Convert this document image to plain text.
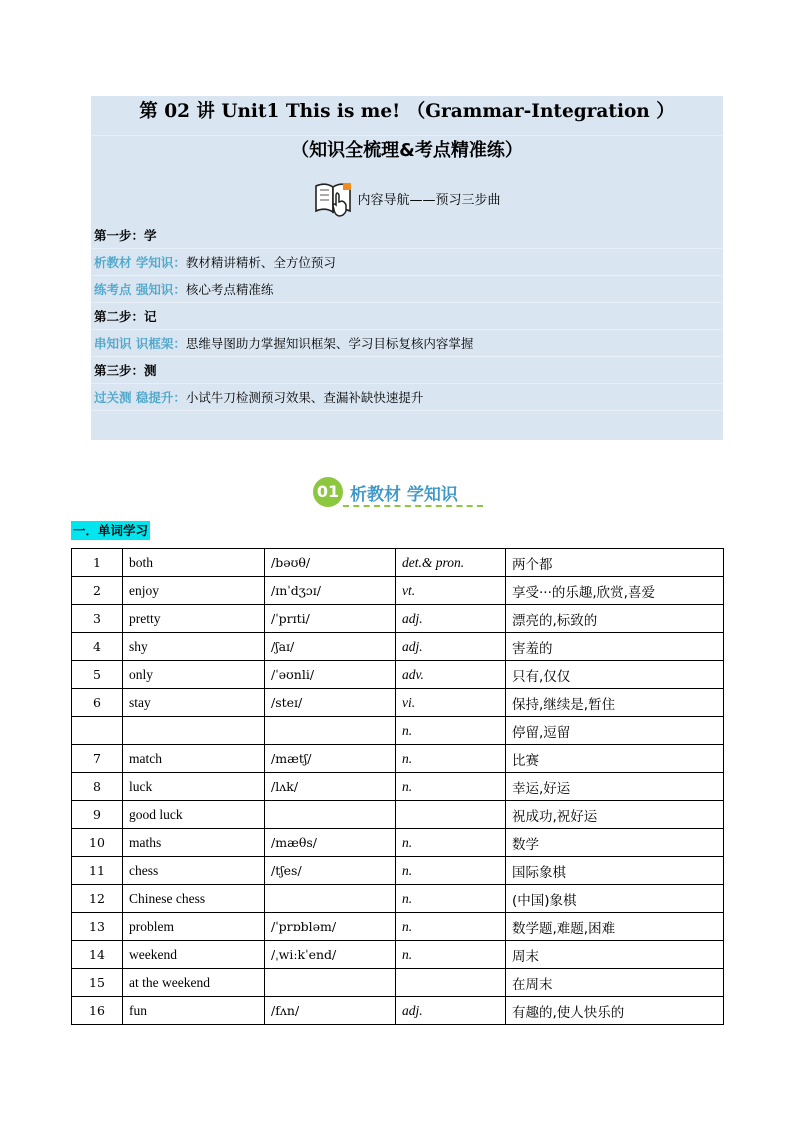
第 02 讲 Unit1 This is me! （Grammar-Integration ）
（知识全梳理&考点精准练）
内容导航——预习三步曲
第一步：学
析教材 学知识：教材精讲精析、全方位预习
练考点 强知识：核心考点精准练
第二步：记
串知识 识框架：思维导图助力掌握知识框架、学习目标复核内容掌握
第三步：测
过关测 稳提升：小试牛刀检测预习效果、查漏补缺快速提升
01 析教材 学知识
一．单词学习
1	both	/bəʊθ/	det.& pron.	两个都
2	enjoy	/ɪnˈdʒɔɪ/	vt.	享受···的乐趣,欣赏,喜爱
3	pretty	/ˈprɪti/	adj.	漂亮的,标致的
4	shy	/ʃaɪ/	adj.	害羞的
5	only	/ˈəʊnli/	adv.	只有,仅仅
6	stay	/steɪ/	vi.	保持,继续是,暂住
			n.	停留,逗留
7	match	/mætʃ/	n.	比赛
8	luck	/lʌk/	n.	幸运,好运
9	good luck			祝成功,祝好运
10	maths	/mæθs/	n.	数学
11	chess	/tʃes/	n.	国际象棋
12	Chinese chess		n.	(中国)象棋
13	problem	/ˈprɒbləm/	n.	数学题,难题,困难
14	weekend	/ˌwiːkˈend/	n.	周末
15	at the weekend			在周末
16	fun	/fʌn/	adj.	有趣的,使人快乐的
